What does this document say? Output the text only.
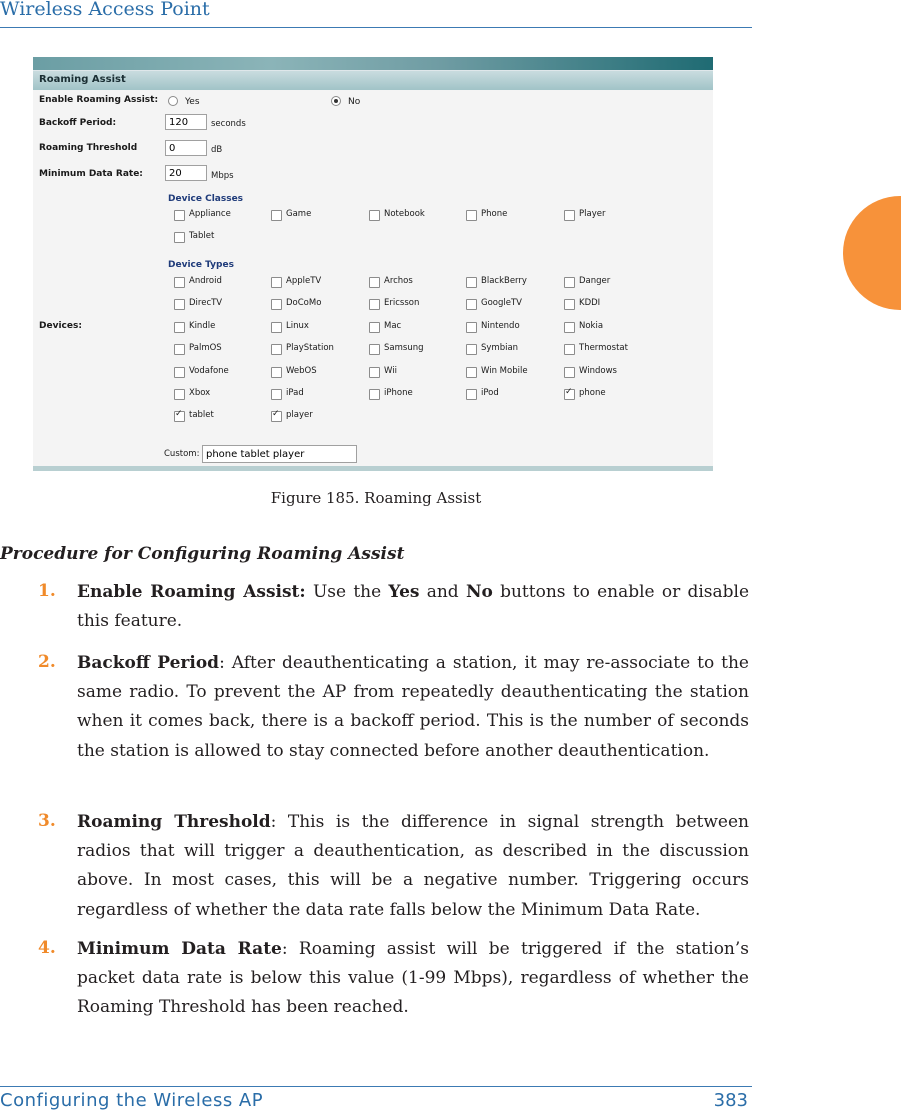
Wireless Access Point
Roaming Assist
Enable Roaming Assist:	Yes	No
Backoff Period:
120	seconds
Roaming Threshold
0	dB
Minimum Data Rate:
20	Mbps
Device Classes
Appliance	Game	Notebook	Phone	Player
Tablet
Device Types
Android	AppleTV	Archos	BlackBerry	Danger
DirecTV	DoCoMo	Ericsson	GoogleTV	KDDI
Kindle	Linux	Mac	Nintendo	Nokia
PalmOS	PlayStation	Samsung	Symbian	Thermostat
Vodafone	WebOS	Wii	Win Mobile	Windows
Xbox	iPad	iPhone	iPod ✓	phone
✓
tablet ✓	player
Devices:
Custom:
phone tablet player
Figure 185. Roaming Assist
Procedure for Configuring Roaming Assist
1. Enable Roaming Assist: Use the Yes and No buttons to enable or disable this feature.
2. Backoff Period: After deauthenticating a station, it may re-associate to the same radio. To prevent the AP from repeatedly deauthenticating the station when it comes back, there is a backoff period. This is the number of seconds the station is allowed to stay connected before another deauthentication.
3. Roaming Threshold: This is the difference in signal strength between radios that will trigger a deauthentication, as described in the discussion above. In most cases, this will be a negative number. Triggering occurs regardless of whether the data rate falls below the Minimum Data Rate.
4. Minimum Data Rate: Roaming assist will be triggered if the station’s packet data rate is below this value (1-99 Mbps), regardless of whether the Roaming Threshold has been reached.
Configuring the Wireless AP	383
